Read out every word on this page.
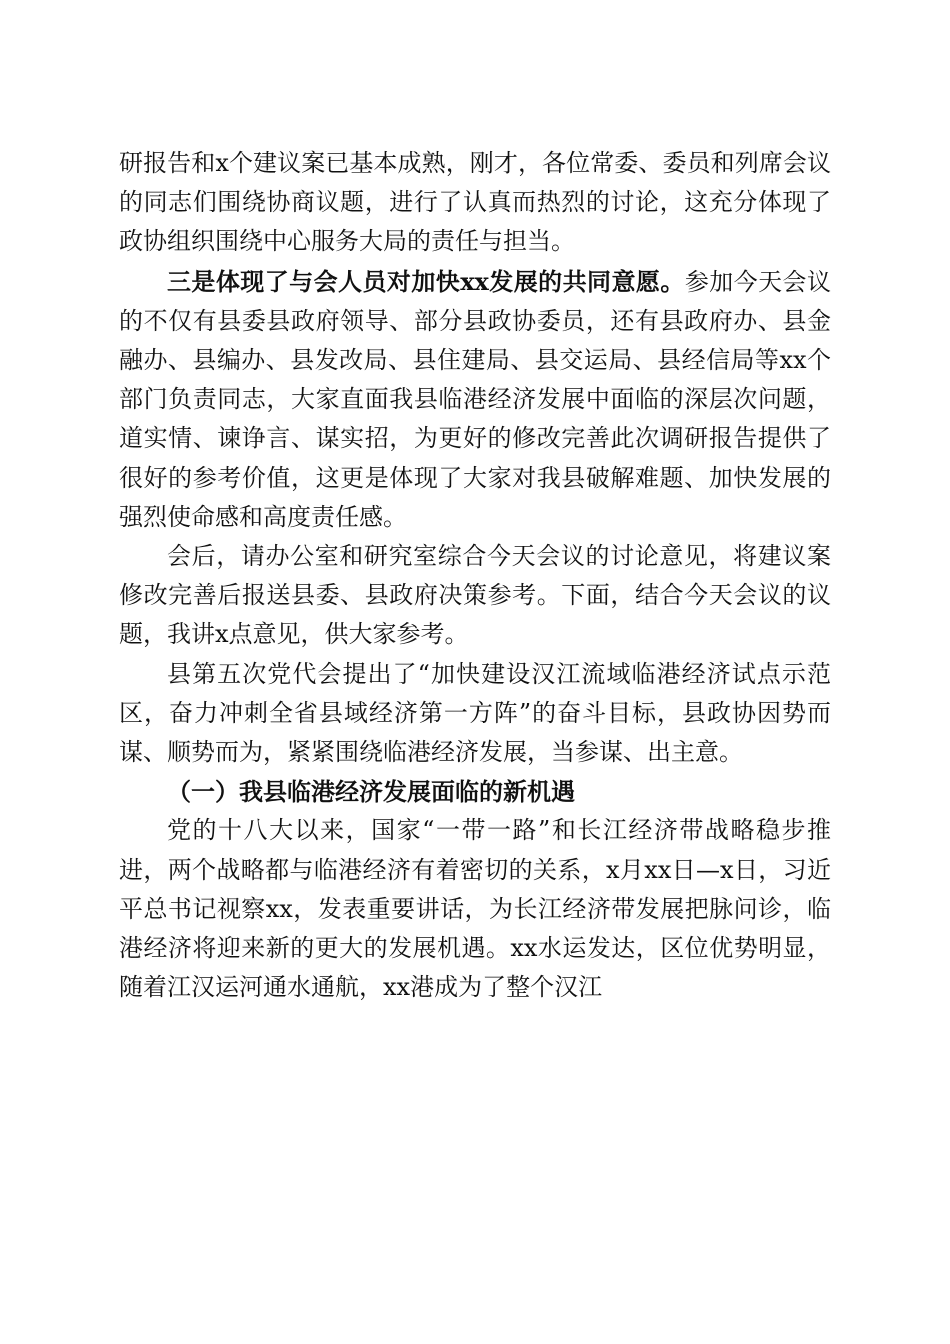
研报告和x个建议案已基本成熟，刚才，各位常委、委员和列席会议的同志们围绕协商议题，进行了认真而热烈的讨论，这充分体现了政协组织围绕中心服务大局的责任与担当。

三是体现了与会人员对加快xx发展的共同意愿。参加今天会议的不仅有县委县政府领导、部分县政协委员，还有县政府办、县金融办、县编办、县发改局、县住建局、县交运局、县经信局等xx个部门负责同志，大家直面我县临港经济发展中面临的深层次问题，道实情、谏诤言、谋实招，为更好的修改完善此次调研报告提供了很好的参考价值，这更是体现了大家对我县破解难题、加快发展的强烈使命感和高度责任感。

会后，请办公室和研究室综合今天会议的讨论意见，将建议案修改完善后报送县委、县政府决策参考。下面，结合今天会议的议题，我讲x点意见，供大家参考。

县第五次党代会提出了“加快建设汉江流域临港经济试点示范区，奋力冲刺全省县域经济第一方阵”的奋斗目标，县政协因势而谋、顺势而为，紧紧围绕临港经济发展，当参谋、出主意。

（一）我县临港经济发展面临的新机遇

党的十八大以来，国家“一带一路”和长江经济带战略稳步推进，两个战略都与临港经济有着密切的关系，x月xx日—x日，习近平总书记视察xx，发表重要讲话，为长江经济带发展把脉问诊，临港经济将迎来新的更大的发展机遇。xx水运发达，区位优势明显，随着江汉运河通水通航，xx港成为了整个汉江
